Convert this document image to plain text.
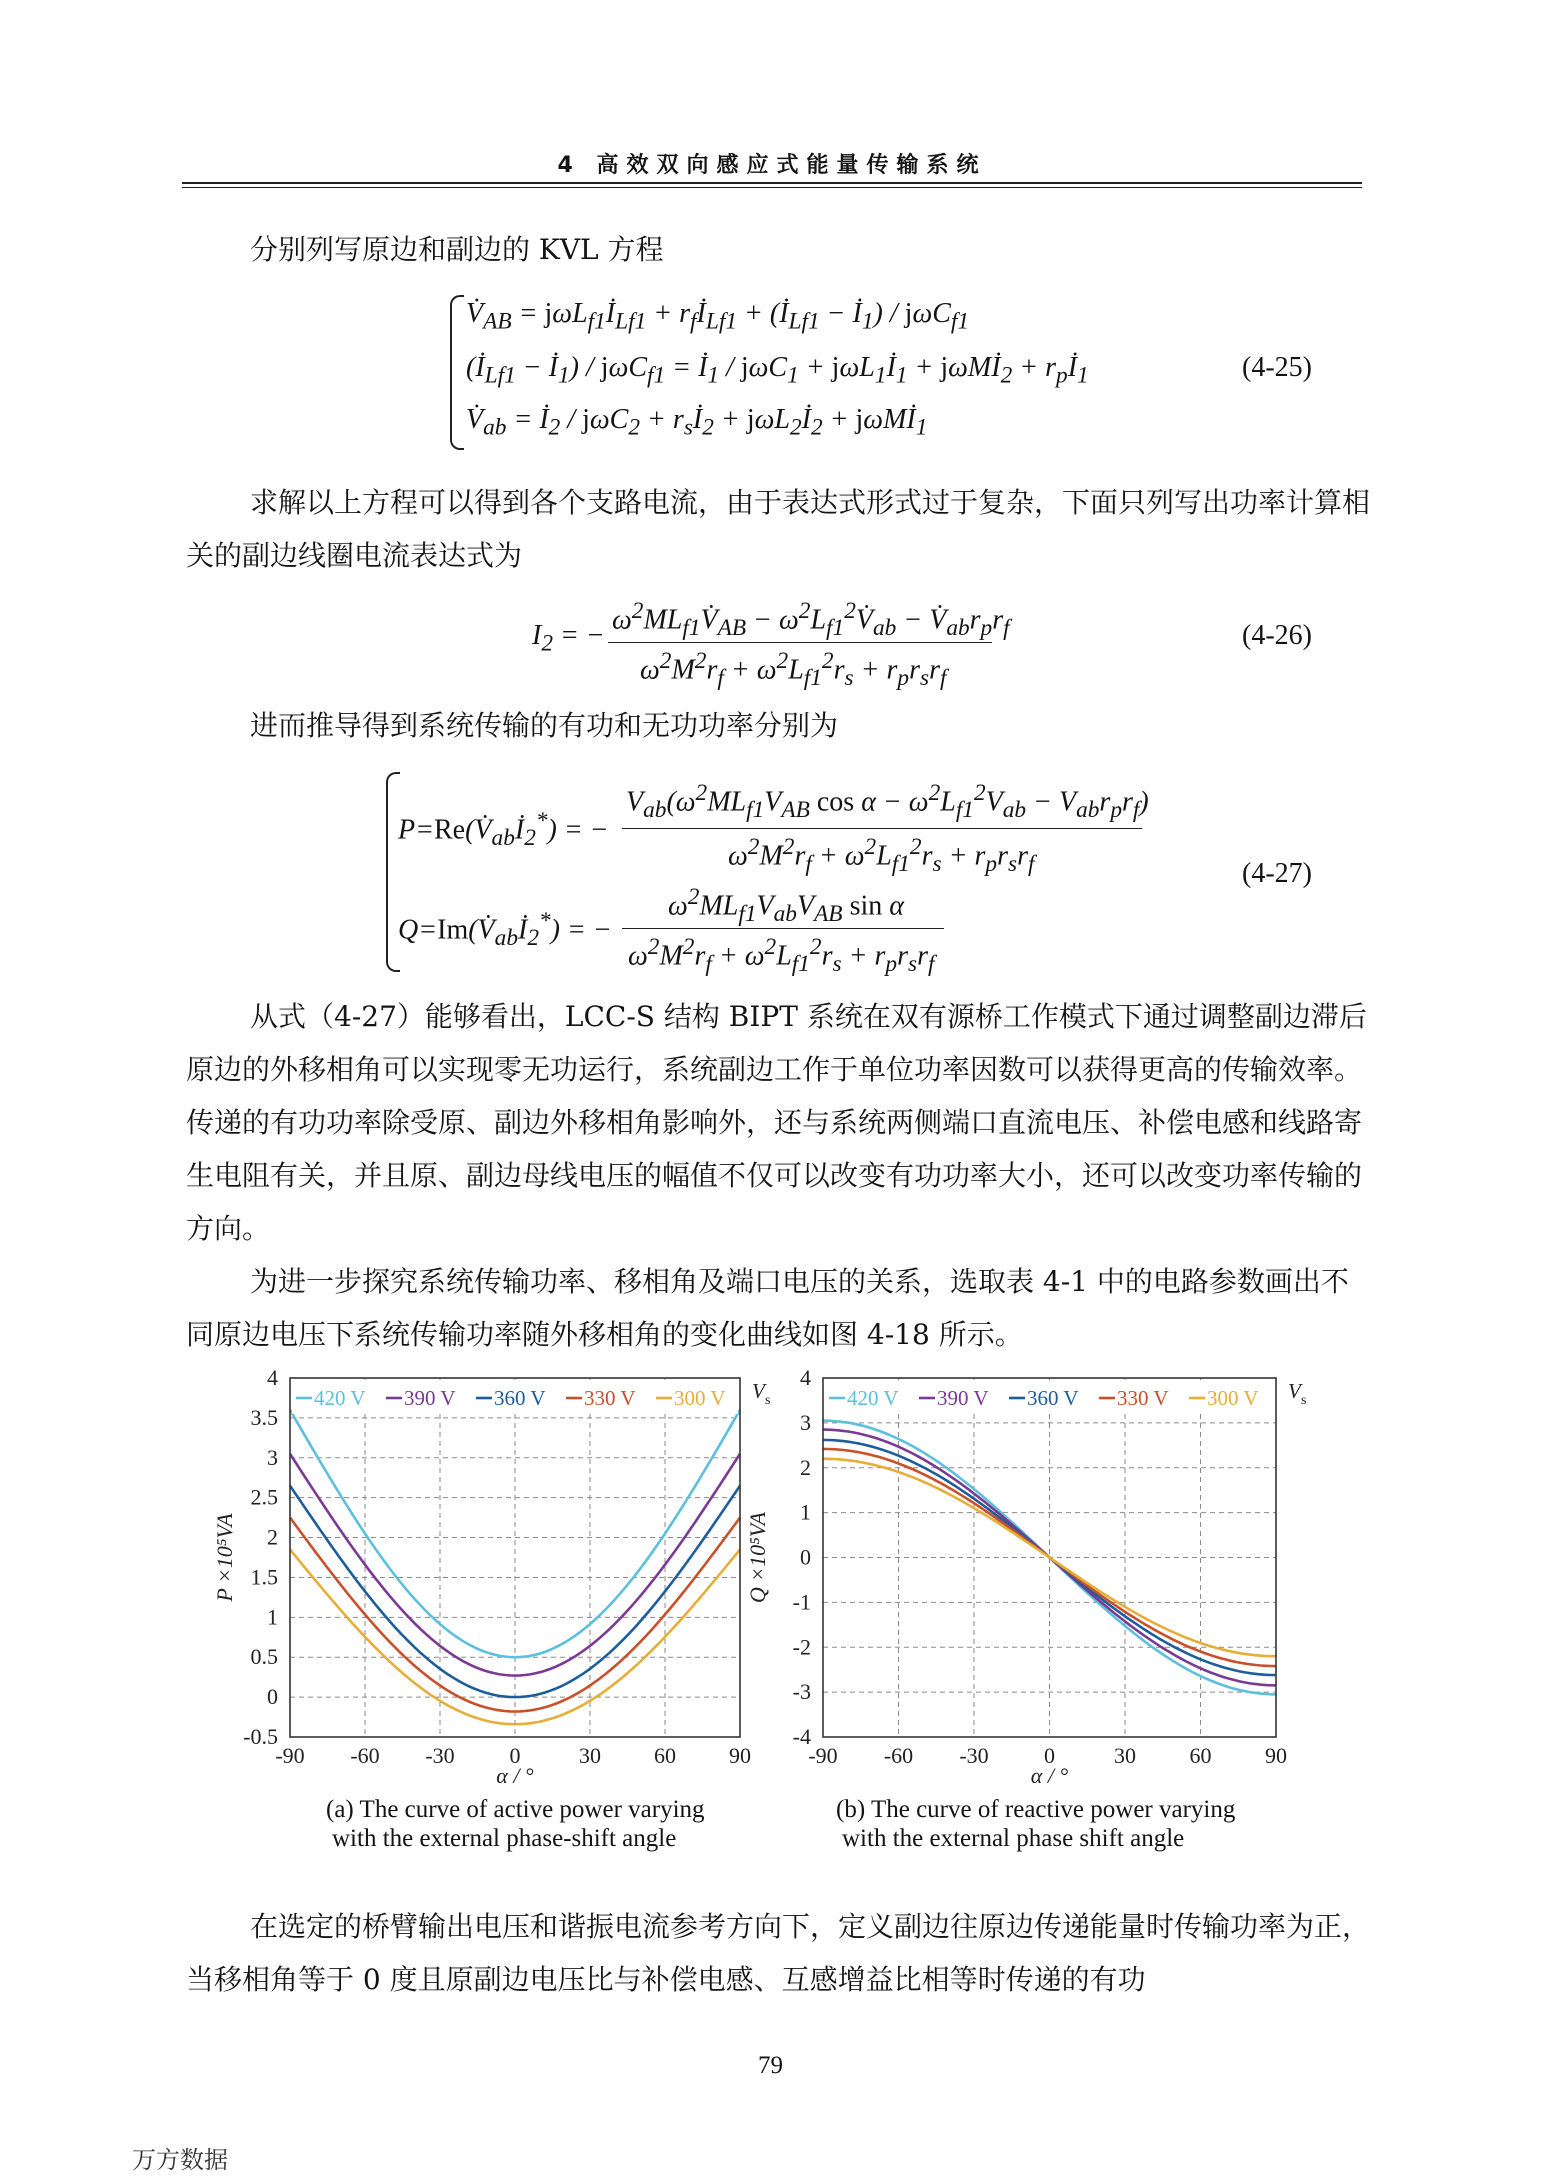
4 高效双向感应式能量传输系统
分别列写原边和副边的 KVL 方程
$V̇_{AB}$ = $j\omega L_{f1}İ_{Lf1}$ + $r_fİ_{Lf1}$ + ($İ_{Lf1}$ − $İ_1) / j\omega C_{f1}$
($İ_{Lf1}$ − $İ_1) / j\omega C_{f1}$ = $İ_1 / j\omega C_1$ + $j\omega L_1İ_1$ + jωMİ$_2$ + $r_pİ_1$
$V̇_{ab}$ = $İ_2 / j\omega C_2$ + $r_sİ_2$ + $j\omega L_2İ_2$ + jωMİ$_1$
(4-25)
求解以上方程可以得到各个支路电流，由于表达式形式过于复杂，下面只列写出功率计算相关的副边线圈电流表达式为
$I_2$ = −
$\omega^2ML_{f1}V̇_{AB}$ − $\omega^2L_{f1}^2V̇_{ab}$ − $V̇_{ab}r_pr_f$
$\omega^2M^2r_f + \omega^2L_{f1}^2r_s + r_pr_sr_f$
(4-26)
进而推导得到系统传输的有功和无功功率分别为
$P=Re(V̇_{ab}İ_2^*)$ = −
$V_{ab}(\omega^2ML_{f1}V_{AB}$ $\cos \alpha - \omega^2L_{f1}^2V_{ab} - V_{ab}r_pr_f$)
$\omega^2M^2r_f + \omega^2L_{f1}^2r_s + r_pr_sr_f$
$Q=Im(V̇_{ab}İ_2^*)$ = −
$\omega^2ML_{f1}V_{ab}V_{AB}$ sin α
$\omega^2M^2r_f + \omega^2L_{f1}^2r_s + r_pr_sr_f$
(4-27)
从式（4-27）能够看出，LCC-S 结构 BIPT 系统在双有源桥工作模式下通过调整副边滞后原边的外移相角可以实现零无功运行，系统副边工作于单位功率因数可以获得更高的传输效率。传递的有功功率除受原、副边外移相角影响外，还与系统两侧端口直流电压、补偿电感和线路寄生电阻有关，并且原、副边母线电压的幅值不仅可以改变有功功率大小，还可以改变功率传输的方向。
为进一步探究系统传输功率、移相角及端口电压的关系，选取表 4-1 中的电路参数画出不同原边电压下系统传输功率随外移相角的变化曲线如图 4-18 所示。
420 V 390 V 360 V 330 V 300 V V s
-90 -60 -30 0	30 60 90
-0.5
0
0.5
1
1.5
2
2.5
3
3.5
4
α / °
P ×10⁵VA
420 V 390 V 360 V 330 V 300 V V s
-90 -60 -30	0	30 60 90
-4
-3
-2
-1
0
1
2
3
4
α / °
Q ×10⁵VA
(a) The curve of active power varying
with the external phase-shift angle
(b) The curve of reactive power varying
with the external phase shift angle
在选定的桥臂输出电压和谐振电流参考方向下，定义副边往原边传递能量时传输功率为正，当移相角等于 0 度且原副边电压比与补偿电感、互感增益比相等时传递的有功
79
万方数据
